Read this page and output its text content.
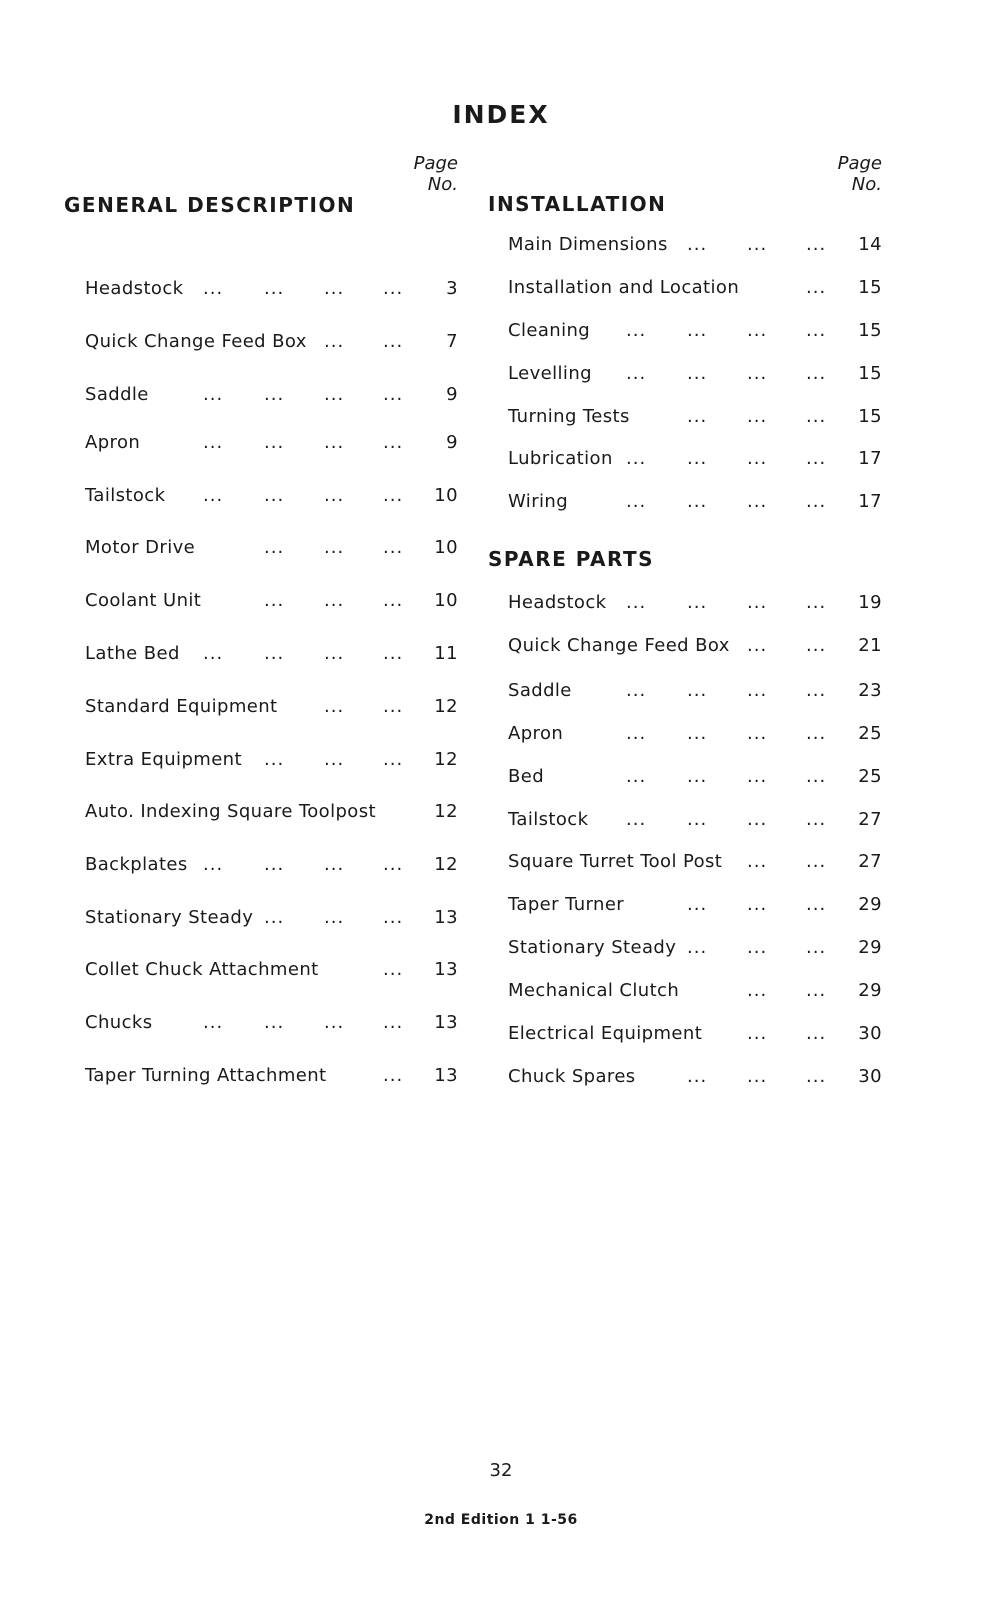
INDEX
Page
No.
Page
No.
GENERAL DESCRIPTION	INSTALLATION
SPARE PARTS
Headstock	3
... ... ... ...
Quick Change Feed Box	7
... ...
Saddle	9
... ... ... ...
Apron	9
... ... ... ...
Tailstock	10
... ... ... ...
Motor Drive	10
... ... ...
Coolant Unit	10
... ... ...
Lathe Bed	11
... ... ... ...
Standard Equipment	12
... ...
Extra Equipment	12
... ... ...
Auto. Indexing Square Toolpost	12
Backplates	12
... ... ... ...
Stationary Steady	13
... ... ...
Collet Chuck Attachment	13
...
Chucks	13
... ... ... ...
Taper Turning Attachment	13
...
Main Dimensions	14
... ... ...
Installation and Location	15
...
Cleaning	15
... ... ... ...
Levelling	15
... ... ... ...
Turning Tests	15
... ... ...
Lubrication	17
... ... ... ...
Wiring	17
... ... ... ...
Headstock	19
... ... ... ...
Quick Change Feed Box	21
... ...
Saddle	23
... ... ... ...
Apron	25
... ... ... ...
Bed	25
... ... ... ...
Tailstock	27
... ... ... ...
Square Turret Tool Post	27
... ...
Taper Turner	29
... ... ...
Stationary Steady	29
... ... ...
Mechanical Clutch	29
... ...
Electrical Equipment	30
... ...
Chuck Spares	30
... ... ...
32
2nd Edition 1 1-56
